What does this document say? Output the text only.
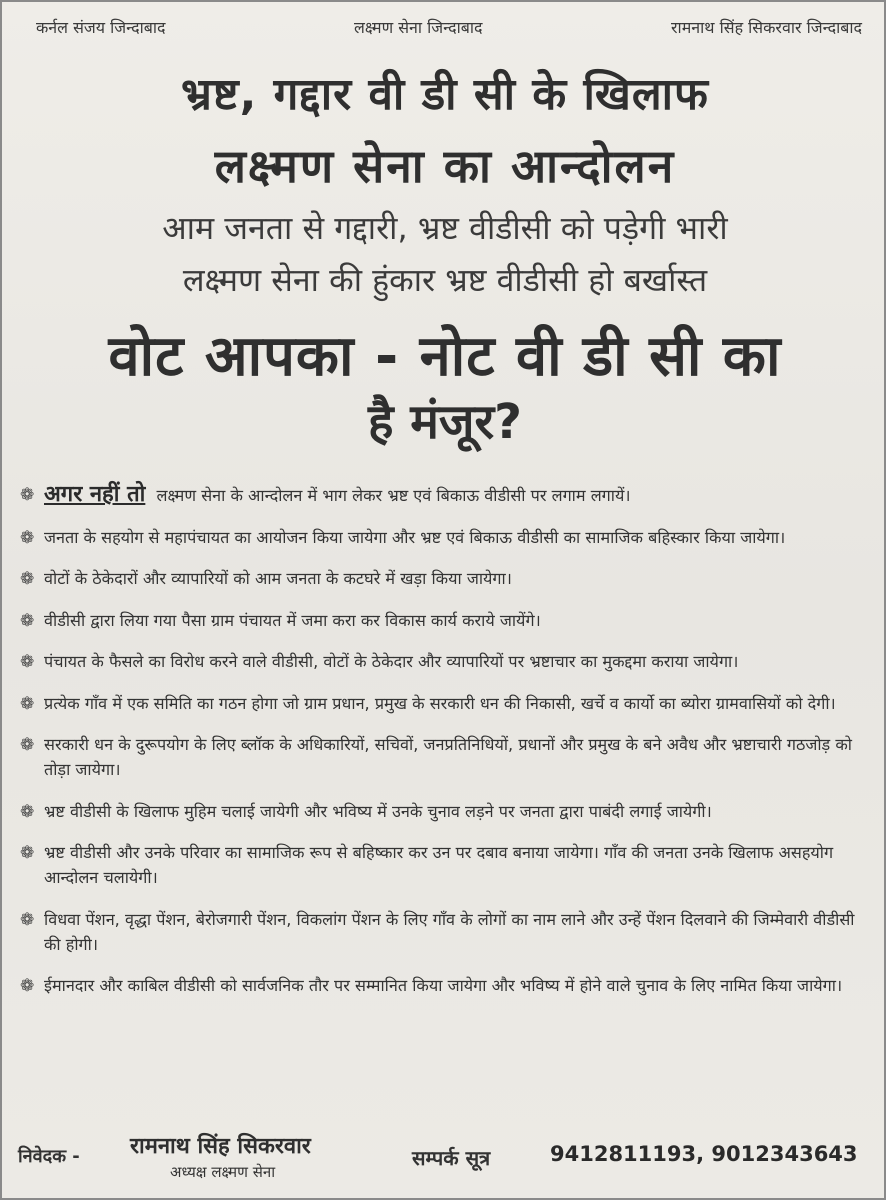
कर्नल संजय जिन्दाबाद	लक्ष्मण सेना जिन्दाबाद	रामनाथ सिंह सिकरवार जिन्दाबाद
भ्रष्ट, गद्दार वी डी सी के खिलाफ
लक्ष्मण सेना का आन्दोलन
आम जनता से गद्दारी, भ्रष्ट वीडीसी को पड़ेगी भारी
लक्ष्मण सेना की हुंकार भ्रष्ट वीडीसी हो बर्खास्त
वोट आपका - नोट वी डी सी का
है मंजूर?
❁ अगर नहीं तो लक्ष्मण सेना के आन्दोलन में भाग लेकर भ्रष्ट एवं बिकाऊ वीडीसी पर लगाम लगायें।
❁ जनता के सहयोग से महापंचायत का आयोजन किया जायेगा और भ्रष्ट एवं बिकाऊ वीडीसी का सामाजिक बहिस्कार किया जायेगा।
❁ वोटों के ठेकेदारों और व्यापारियों को आम जनता के कटघरे में खड़ा किया जायेगा।
❁ वीडीसी द्वारा लिया गया पैसा ग्राम पंचायत में जमा करा कर विकास कार्य कराये जायेंगे।
❁ पंचायत के फैसले का विरोध करने वाले वीडीसी, वोटों के ठेकेदार और व्यापारियों पर भ्रष्टाचार का मुकद्दमा कराया जायेगा।
❁ प्रत्येक गाँव में एक समिति का गठन होगा जो ग्राम प्रधान, प्रमुख के सरकारी धन की निकासी, खर्चे व कार्यो का ब्योरा ग्रामवासियों को देगी।
❁ सरकारी धन के दुरूपयोग के लिए ब्लॉक के अधिकारियों, सचिवों, जनप्रतिनिधियों, प्रधानों और प्रमुख के बने अवैध और भ्रष्टाचारी गठजोड़ को तोड़ा जायेगा।
❁ भ्रष्ट वीडीसी के खिलाफ मुहिम चलाई जायेगी और भविष्य में उनके चुनाव लड़ने पर जनता द्वारा पाबंदी लगाई जायेगी।
❁ भ्रष्ट वीडीसी और उनके परिवार का सामाजिक रूप से बहिष्कार कर उन पर दबाव बनाया जायेगा। गाँव की जनता उनके खिलाफ असहयोग आन्दोलन चलायेगी।
❁ विधवा पेंशन, वृद्धा पेंशन, बेरोजगारी पेंशन, विकलांग पेंशन के लिए गाँव के लोगों का नाम लाने और उन्हें पेंशन दिलवाने की जिम्मेवारी वीडीसी की होगी।
❁ ईमानदार और काबिल वीडीसी को सार्वजनिक तौर पर सम्मानित किया जायेगा और भविष्य में होने वाले चुनाव के लिए नामित किया जायेगा।
निवेदक - रामनाथ सिंह सिकरवार
अध्यक्ष लक्ष्मण सेना
सम्पर्क सूत्र	9412811193, 9012343643
